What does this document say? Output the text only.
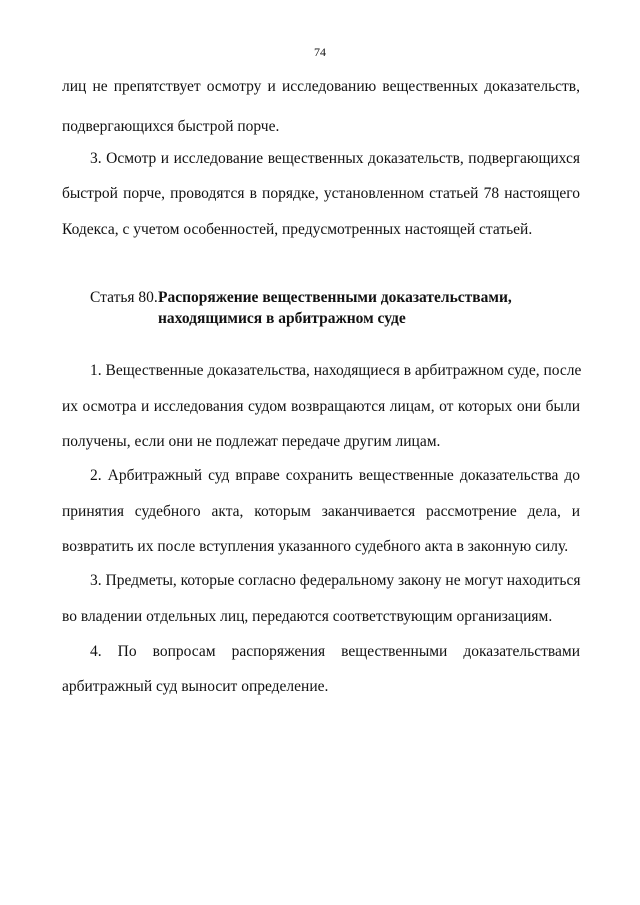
74
лиц не препятствует осмотру и исследованию вещественных доказательств,
подвергающихся быстрой порче.
3. Осмотр и исследование вещественных доказательств, подвергающихся
быстрой порче, проводятся в порядке, установленном статьей 78 настоящего
Кодекса, с учетом особенностей, предусмотренных настоящей статьей.
Статья 80. Распоряжение вещественными доказательствами,
находящимися в арбитражном суде
1. Вещественные доказательства, находящиеся в арбитражном суде, после
их осмотра и исследования судом возвращаются лицам, от которых они были
получены, если они не подлежат передаче другим лицам.
2. Арбитражный суд вправе сохранить вещественные доказательства до
принятия судебного акта, которым заканчивается рассмотрение дела, и
возвратить их после вступления указанного судебного акта в законную силу.
3. Предметы, которые согласно федеральному закону не могут находиться
во владении отдельных лиц, передаются соответствующим организациям.
4. По вопросам распоряжения вещественными доказательствами
арбитражный суд выносит определение.
